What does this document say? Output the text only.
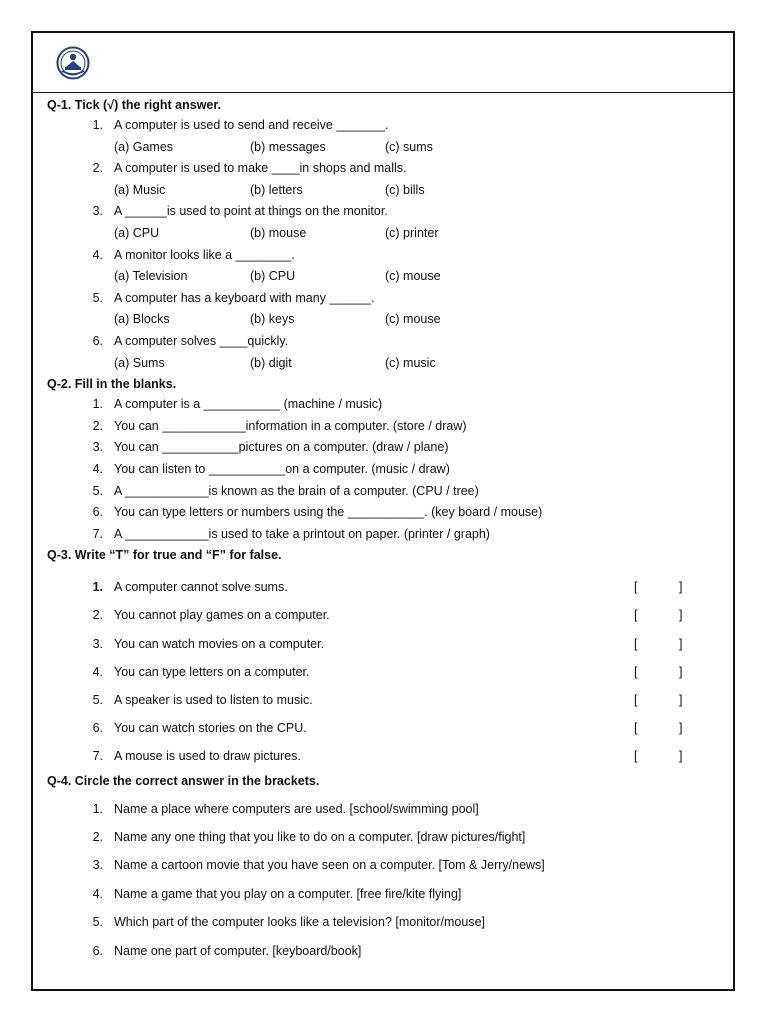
Q-1. Tick (√) the right answer.
1. A computer is used to send and receive _______.
(a) Games	(b) messages	(c) sums
2. A computer is used to make ____in shops and malls.
(a) Music	(b) letters	(c) bills
3. A ______is used to point at things on the monitor.
(a) CPU	(b) mouse	(c) printer
4. A monitor looks like a ________.
(a) Television	(b) CPU	(c) mouse
5. A computer has a keyboard with many ______.
(a) Blocks	(b) keys	(c) mouse
6. A computer solves ____quickly.
(a) Sums	(b) digit	(c) music
Q-2. Fill in the blanks.
1. A computer is a ___________ (machine / music)
2. You can ____________information in a computer. (store / draw)
3. You can ___________pictures on a computer. (draw / plane)
4. You can listen to ___________on a computer. (music / draw)
5. A ____________is known as the brain of a computer. (CPU / tree)
6. You can type letters or numbers using the ___________. (key board / mouse)
7. A ____________is used to take a printout on paper. (printer / graph)
Q-3. Write “T” for true and “F” for false.
1. A computer cannot solve sums.	[	]
2. You cannot play games on a computer.	[	]
3. You can watch movies on a computer.	[	]
4. You can type letters on a computer.	[	]
5. A speaker is used to listen to music.	[	]
6. You can watch stories on the CPU.	[	]
7. A mouse is used to draw pictures.	[	]
Q-4. Circle the correct answer in the brackets.
1. Name a place where computers are used. [school/swimming pool]
2. Name any one thing that you like to do on a computer. [draw pictures/fight]
3. Name a cartoon movie that you have seen on a computer. [Tom & Jerry/news]
4. Name a game that you play on a computer. [free fire/kite flying]
5. Which part of the computer looks like a television? [monitor/mouse]
6. Name one part of computer. [keyboard/book]
